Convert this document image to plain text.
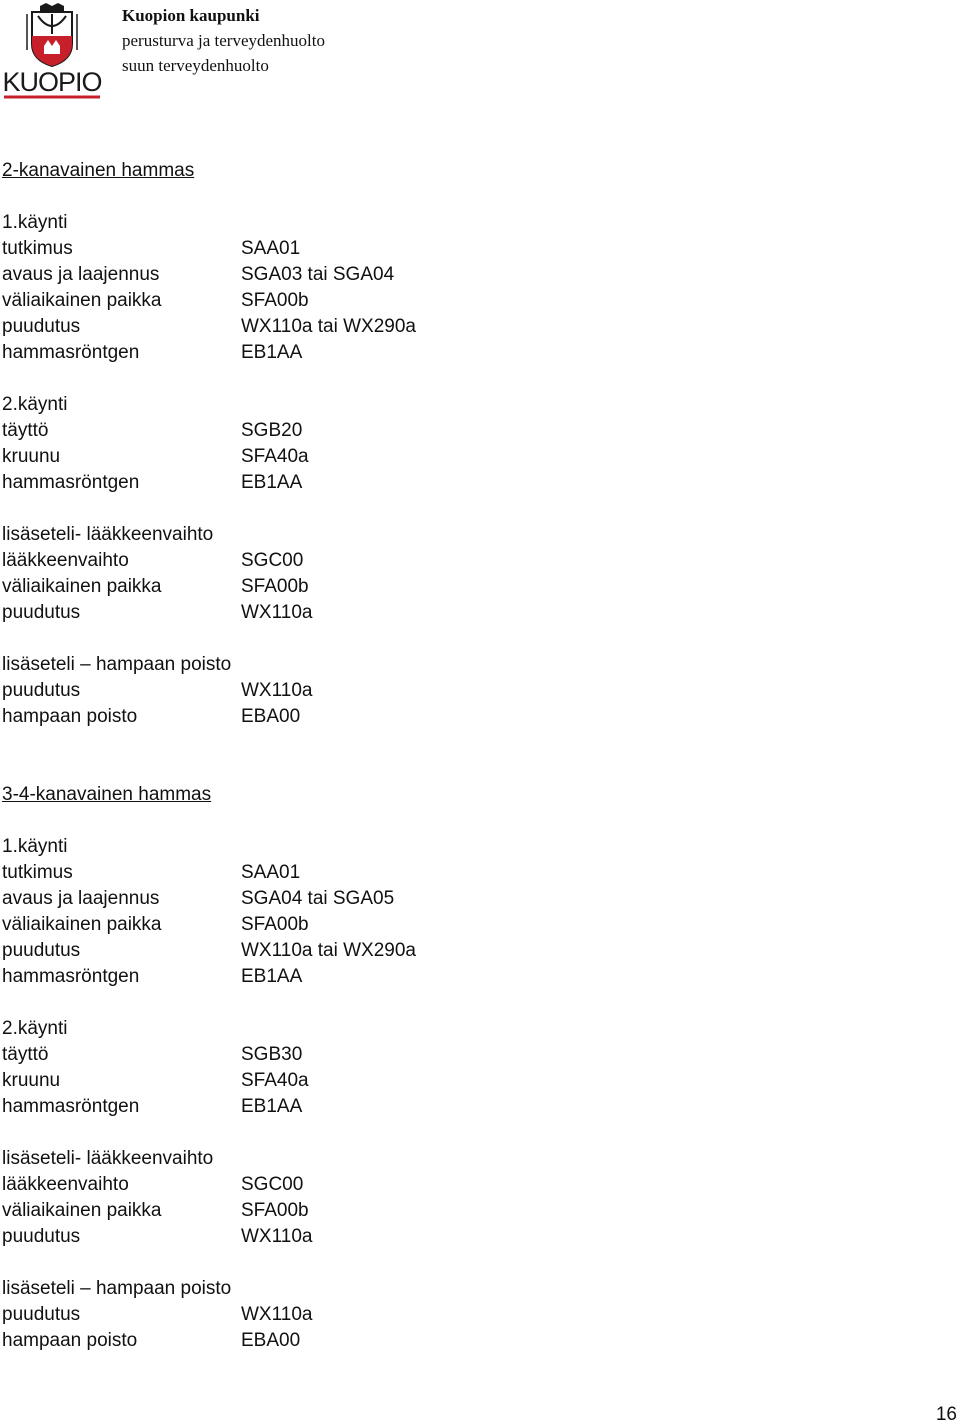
KUOPIO
Kuopion kaupunki
perusturva ja terveydenhuolto
suun terveydenhuolto
2-kanavainen hammas
1.käynti
tutkimus	SAA01
avaus ja laajennus	SGA03 tai SGA04
väliaikainen paikka	SFA00b
puudutus	WX110a tai WX290a
hammasröntgen	EB1AA
2.käynti
täyttö	SGB20
kruunu	SFA40a
hammasröntgen	EB1AA
lisäseteli- lääkkeenvaihto
lääkkeenvaihto	SGC00
väliaikainen paikka	SFA00b
puudutus	WX110a
lisäseteli – hampaan poisto
puudutus	WX110a
hampaan poisto	EBA00
3-4-kanavainen hammas
1.käynti
tutkimus	SAA01
avaus ja laajennus	SGA04 tai SGA05
väliaikainen paikka	SFA00b
puudutus	WX110a tai WX290a
hammasröntgen	EB1AA
2.käynti
täyttö	SGB30
kruunu	SFA40a
hammasröntgen	EB1AA
lisäseteli- lääkkeenvaihto
lääkkeenvaihto	SGC00
väliaikainen paikka	SFA00b
puudutus	WX110a
lisäseteli – hampaan poisto
puudutus	WX110a
hampaan poisto	EBA00
16
